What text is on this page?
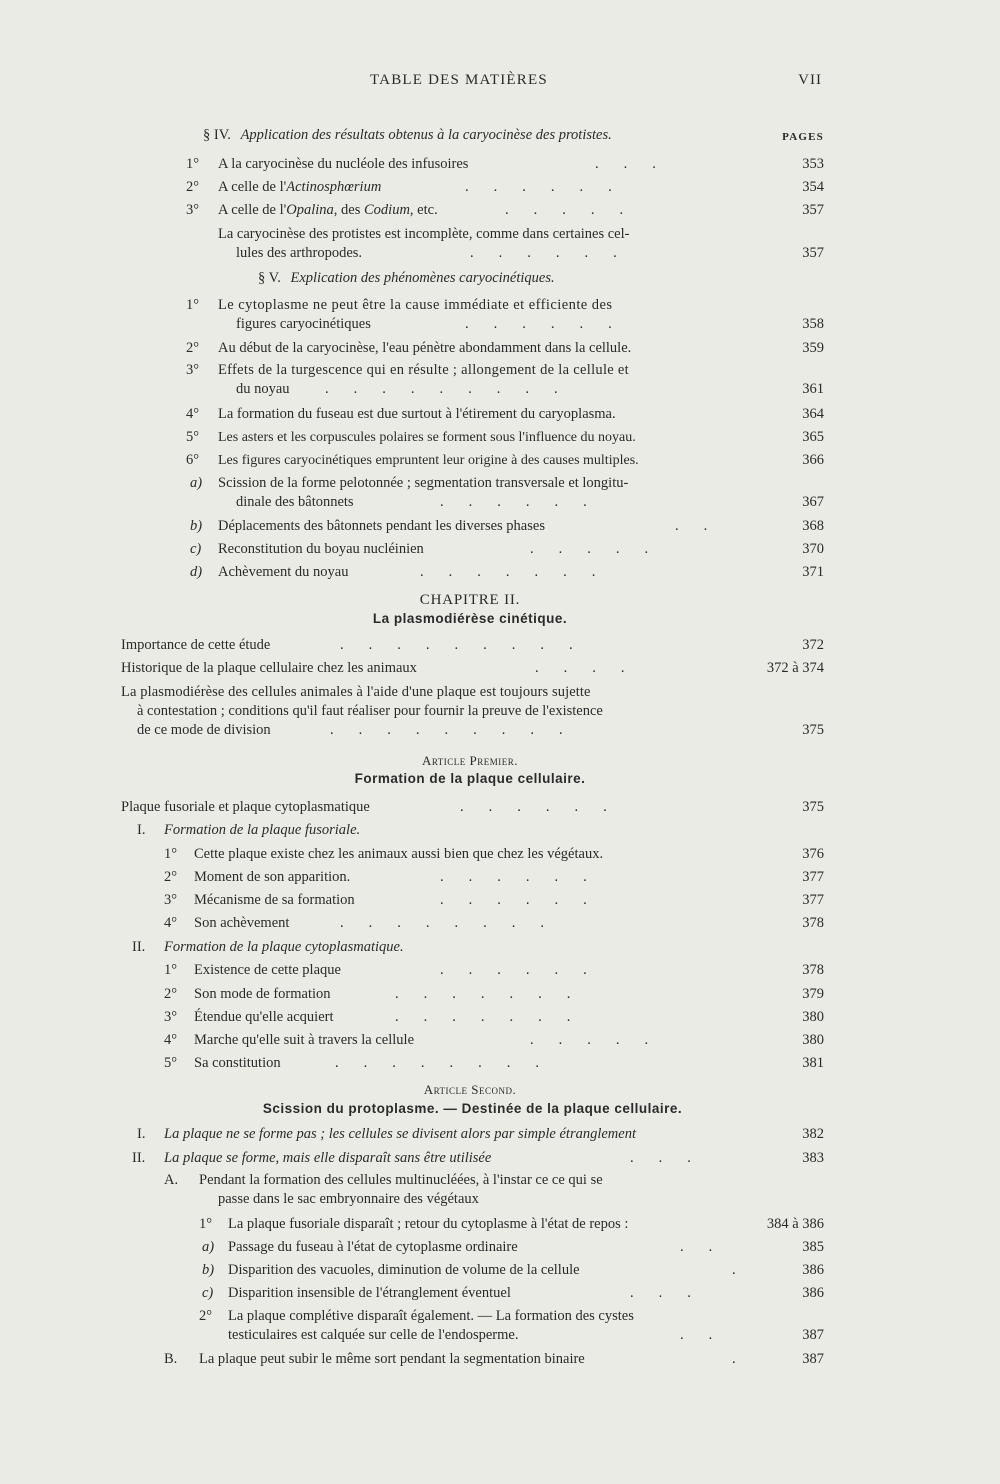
TABLE DES MATIÈRES	VII
§ IV. Application des résultats obtenus à la caryocinèse des protistes.	PAGES
1° A la caryocinèse du nucléole des infusoires	...	353
2° A celle de l'Actinosphœrium	......	354
3° A celle de l'Opalina, des Codium, etc.	.....	357
La caryocinèse des protistes est incomplète, comme dans certaines cel-
lules des arthropodes.	......	357
§ V. Explication des phénomènes caryocinétiques.
1° Le cytoplasme ne peut être la cause immédiate et efficiente des
figures caryocinétiques	......	358
2° Au début de la caryocinèse, l'eau pénètre abondamment dans la cellule.	359
3° Effets de la turgescence qui en résulte ; allongement de la cellule et
du noyau .........	361
4° La formation du fuseau est due surtout à l'étirement du caryoplasma.	364
5° Les asters et les corpuscules polaires se forment sous l'influence du noyau.	365
6° Les figures caryocinétiques empruntent leur origine à des causes multiples.	366
a) Scission de la forme pelotonnée ; segmentation transversale et longitu-
dinale des bâtonnets	......	367
b) Déplacements des bâtonnets pendant les diverses phases	..	368
c) Reconstitution du boyau nucléinien	.....	370
d) Achèvement du noyau	.......	371
CHAPITRE II.
La plasmodiérèse cinétique.
Importance de cette étude	.........	372
Historique de la plaque cellulaire chez les animaux	....	372 à 374
La plasmodiérèse des cellules animales à l'aide d'une plaque est toujours sujette
à contestation ; conditions qu'il faut réaliser pour fournir la preuve de l'existence
de ce mode de division	.........	375
Article Premier.
Formation de la plaque cellulaire.
Plaque fusoriale et plaque cytoplasmatique	......	375
I. Formation de la plaque fusoriale.
1° Cette plaque existe chez les animaux aussi bien que chez les végétaux.	376
2° Moment de son apparition.	......	377
3° Mécanisme de sa formation	......	377
4° Son achèvement	........	378
II. Formation de la plaque cytoplasmatique.
1° Existence de cette plaque	......	378
2° Son mode de formation	.......	379
3° Étendue qu'elle acquiert	.......	380
4° Marche qu'elle suit à travers la cellule	.....	380
5° Sa constitution	........	381
Article Second.
Scission du protoplasme. — Destinée de la plaque cellulaire.
I. La plaque ne se forme pas ; les cellules se divisent alors par simple étranglement	382
II. La plaque se forme, mais elle disparaît sans être utilisée	...	383
A. Pendant la formation des cellules multinucléées, à l'instar ce ce qui se
passe dans le sac embryonnaire des végétaux
1° La plaque fusoriale disparaît ; retour du cytoplasme à l'état de repos :	384 à 386
a) Passage du fuseau à l'état de cytoplasme ordinaire	..	385
b) Disparition des vacuoles, diminution de volume de la cellule	.	386
c) Disparition insensible de l'étranglement éventuel	...	386
2° La plaque complétive disparaît également. — La formation des cystes
testiculaires est calquée sur celle de l'endosperme.	..	387
B. La plaque peut subir le même sort pendant la segmentation binaire	.	387
